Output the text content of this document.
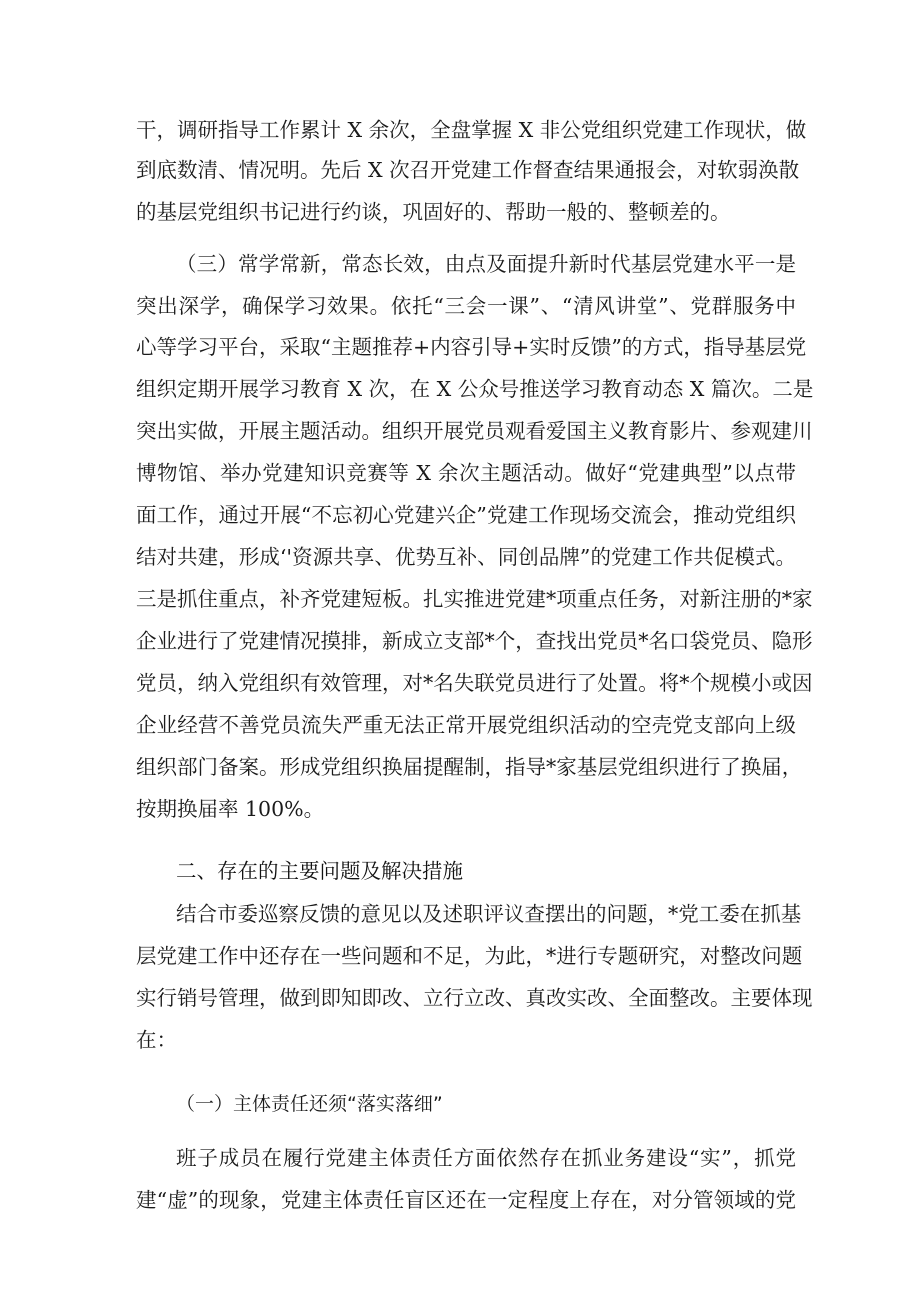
干，调研指导工作累计 X 余次，全盘掌握 X 非公党组织党建工作现状，做
到底数清、情况明。先后 X 次召开党建工作督查结果通报会，对软弱涣散
的基层党组织书记进行约谈，巩固好的、帮助一般的、整顿差的。
（三）常学常新，常态长效，由点及面提升新时代基层党建水平一是
突出深学，确保学习效果。依托“三会一课”、“清风讲堂”、党群服务中
心等学习平台，采取“主题推荐+内容引导+实时反馈”的方式，指导基层党
组织定期开展学习教育 X 次，在 X 公众号推送学习教育动态 X 篇次。二是
突出实做，开展主题活动。组织开展党员观看爱国主义教育影片、参观建川
博物馆、举办党建知识竞赛等 X 余次主题活动。做好“党建典型”以点带
面工作，通过开展“不忘初心党建兴企”党建工作现场交流会，推动党组织
结对共建，形成‘'资源共享、优势互补、同创品牌”的党建工作共促模式。
三是抓住重点，补齐党建短板。扎实推进党建*项重点任务，对新注册的*家
企业进行了党建情况摸排，新成立支部*个，查找出党员*名口袋党员、隐形
党员，纳入党组织有效管理，对*名失联党员进行了处置。将*个规模小或因
企业经营不善党员流失严重无法正常开展党组织活动的空壳党支部向上级
组织部门备案。形成党组织换届提醒制，指导*家基层党组织进行了换届，
按期换届率 100%。
二、存在的主要问题及解决措施
结合市委巡察反馈的意见以及述职评议查摆出的问题，*党工委在抓基
层党建工作中还存在一些问题和不足，为此，*进行专题研究，对整改问题
实行销号管理，做到即知即改、立行立改、真改实改、全面整改。主要体现
在：
（一）主体责任还须“落实落细”
班子成员在履行党建主体责任方面依然存在抓业务建设“实”，抓党
建“虚”的现象，党建主体责任盲区还在一定程度上存在，对分管领域的党
